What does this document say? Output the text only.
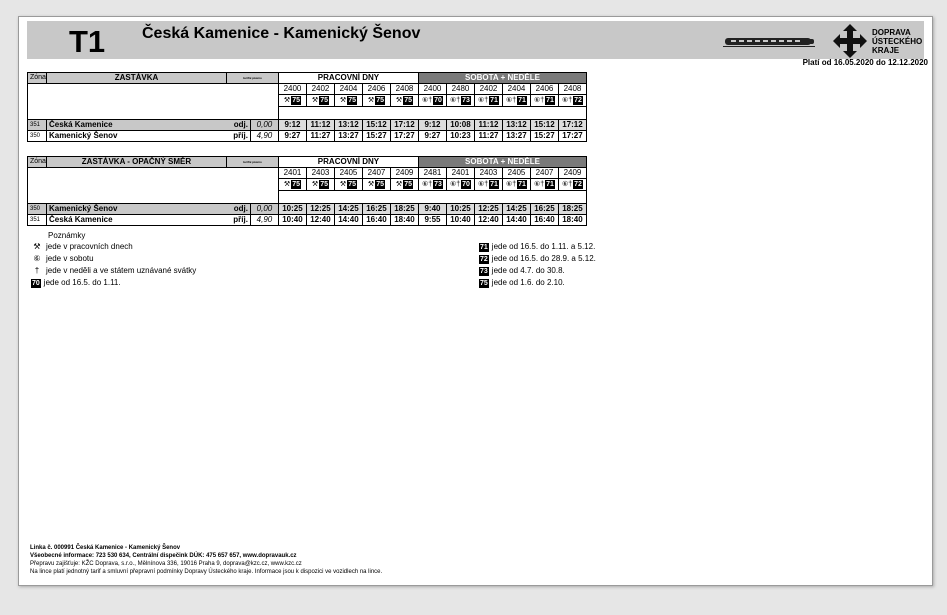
T1 Česká Kamenice - Kamenický Šenov	DOPRAVA
ÚSTECKÉHO
KRAJE
Platí od 16.05.2020 do 12.12.2020
Zóna	ZASTÁVKA	tarifní pásmo		PRACOVNÍ DNY					SOBOTA + NEDĚLE					
				2400	2402	2404	2406	2408	2400	2480	2402	2404	2406	2408
				⚒ 75	⚒ 75	⚒ 75	⚒ 75	⚒ 75	⑥† 70	⑥† 73	⑥† 71	⑥† 71	⑥† 71	⑥† 72

351	Česká Kamenice	odj.	0,00	9:12	11:12	13:12	15:12	17:12	9:12	10:08	11:12	13:12	15:12	17:12
350	Kamenický Šenov	příj.	4,90	9:27	11:27	13:27	15:27	17:27	9:27	10:23	11:27	13:27	15:27	17:27
Zóna	ZASTÁVKA - OPAČNÝ SMĚR	tarifní pásmo		PRACOVNÍ DNY					SOBOTA + NEDĚLE					
				2401	2403	2405	2407	2409	2481	2401	2403	2405	2407	2409
				⚒ 75	⚒ 75	⚒ 75	⚒ 75	⚒ 75	⑥† 73	⑥† 70	⑥† 71	⑥† 71	⑥† 71	⑥† 72

350	Kamenický Šenov	odj.	0,00	10:25	12:25	14:25	16:25	18:25	9:40	10:25	12:25	14:25	16:25	18:25
351	Česká Kamenice	příj.	4,90	10:40	12:40	14:40	16:40	18:40	9:55	10:40	12:40	14:40	16:40	18:40
Poznámky
⚒ jede v pracovních dnech
⑥ jede v sobotu
† jede v neděli a ve státem uznávané svátky
70 jede od 16.5. do 1.11.
71 jede od 16.5. do 1.11. a 5.12.
72 jede od 16.5. do 28.9. a 5.12.
73 jede od 4.7. do 30.8.
75 jede od 1.6. do 2.10.
Linka č. 000991 Česká Kamenice - Kamenický Šenov
Všeobecné informace: 723 530 634, Centrální dispečink DÚK: 475 657 657, www.dopravauk.cz
Přepravu zajišťuje: KŽC Doprava, s.r.o., Mělnínova 336, 19016 Praha 9, doprava@kzc.cz, www.kzc.cz
Na lince platí jednotný tarif a smluvní přepravní podmínky Dopravy Ústeckého kraje. Informace jsou k dispozici ve vozidlech na lince.
